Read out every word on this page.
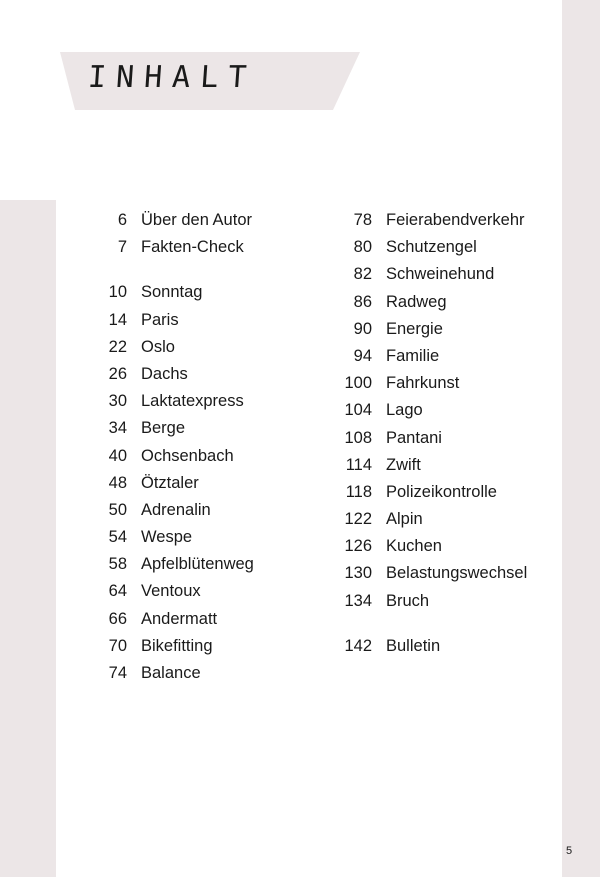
INHALT
6 Über den Autor
7 Fakten-Check
10 Sonntag
14 Paris
22 Oslo
26 Dachs
30 Laktatexpress
34 Berge
40 Ochsenbach
48 Ötztaler
50 Adrenalin
54 Wespe
58 Apfelblütenweg
64 Ventoux
66 Andermatt
70 Bikefitting
74 Balance
78 Feierabendverkehr
80 Schutzengel
82 Schweinehund
86 Radweg
90 Energie
94 Familie
100 Fahrkunst
104 Lago
108 Pantani
114 Zwift
118 Polizeikontrolle
122 Alpin
126 Kuchen
130 Belastungswechsel
134 Bruch
142 Bulletin
5
